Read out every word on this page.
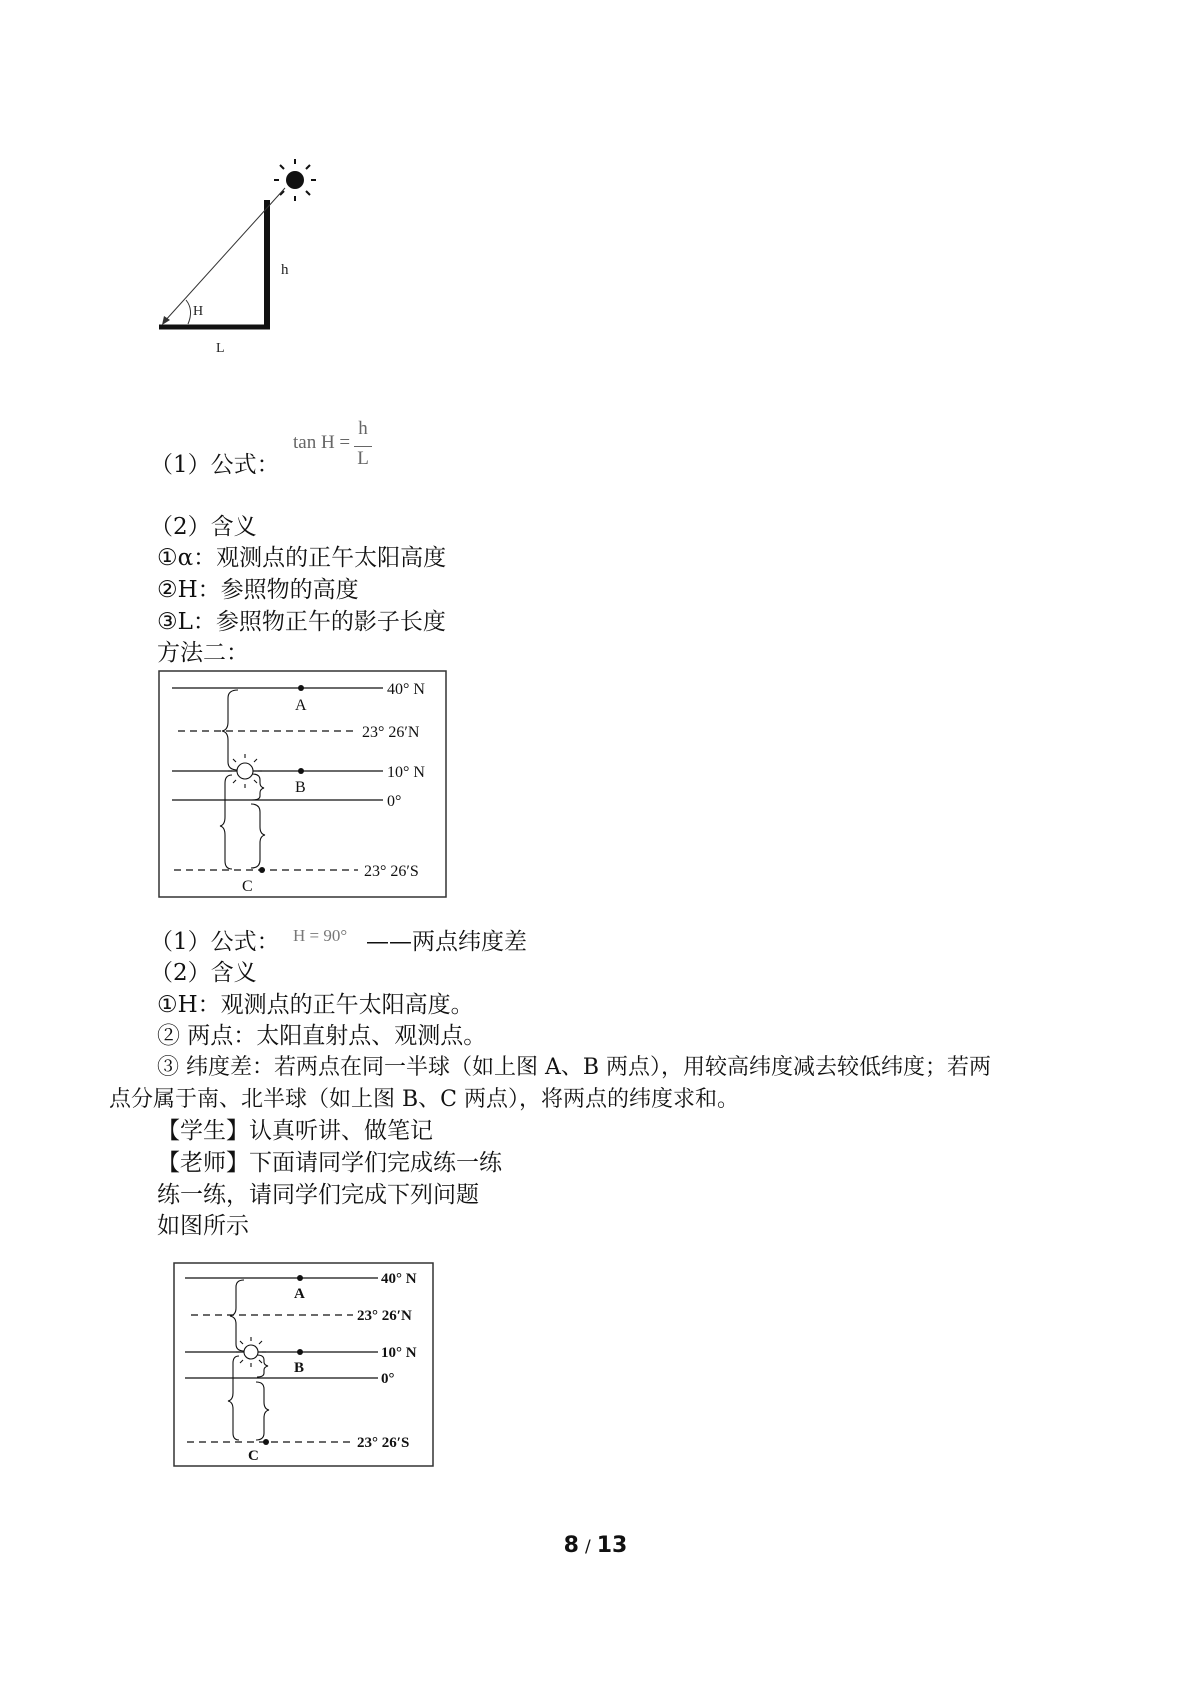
H
h
L
（1）公式：
tan H =
h
L
（2）含义
①α：观测点的正午太阳高度
②H：参照物的高度
③L：参照物正午的影子长度
方法二：
A
B
C
40° N
23° 26′N
10° N
0°
23° 26′S
（1）公式： H = 90° ——两点纬度差
（2）含义
①H：观测点的正午太阳高度。
② 两点：太阳直射点、观测点。
③ 纬度差：若两点在同一半球（如上图 A、B 两点），用较高纬度减去较低纬度；若两
点分属于南、北半球（如上图 B、C 两点），将两点的纬度求和。
【学生】认真听讲、做笔记
【老师】下面请同学们完成练一练
练一练，请同学们完成下列问题
如图所示
A
B
C
40° N
23° 26′N
10° N
0°
23° 26′S
8 / 13
